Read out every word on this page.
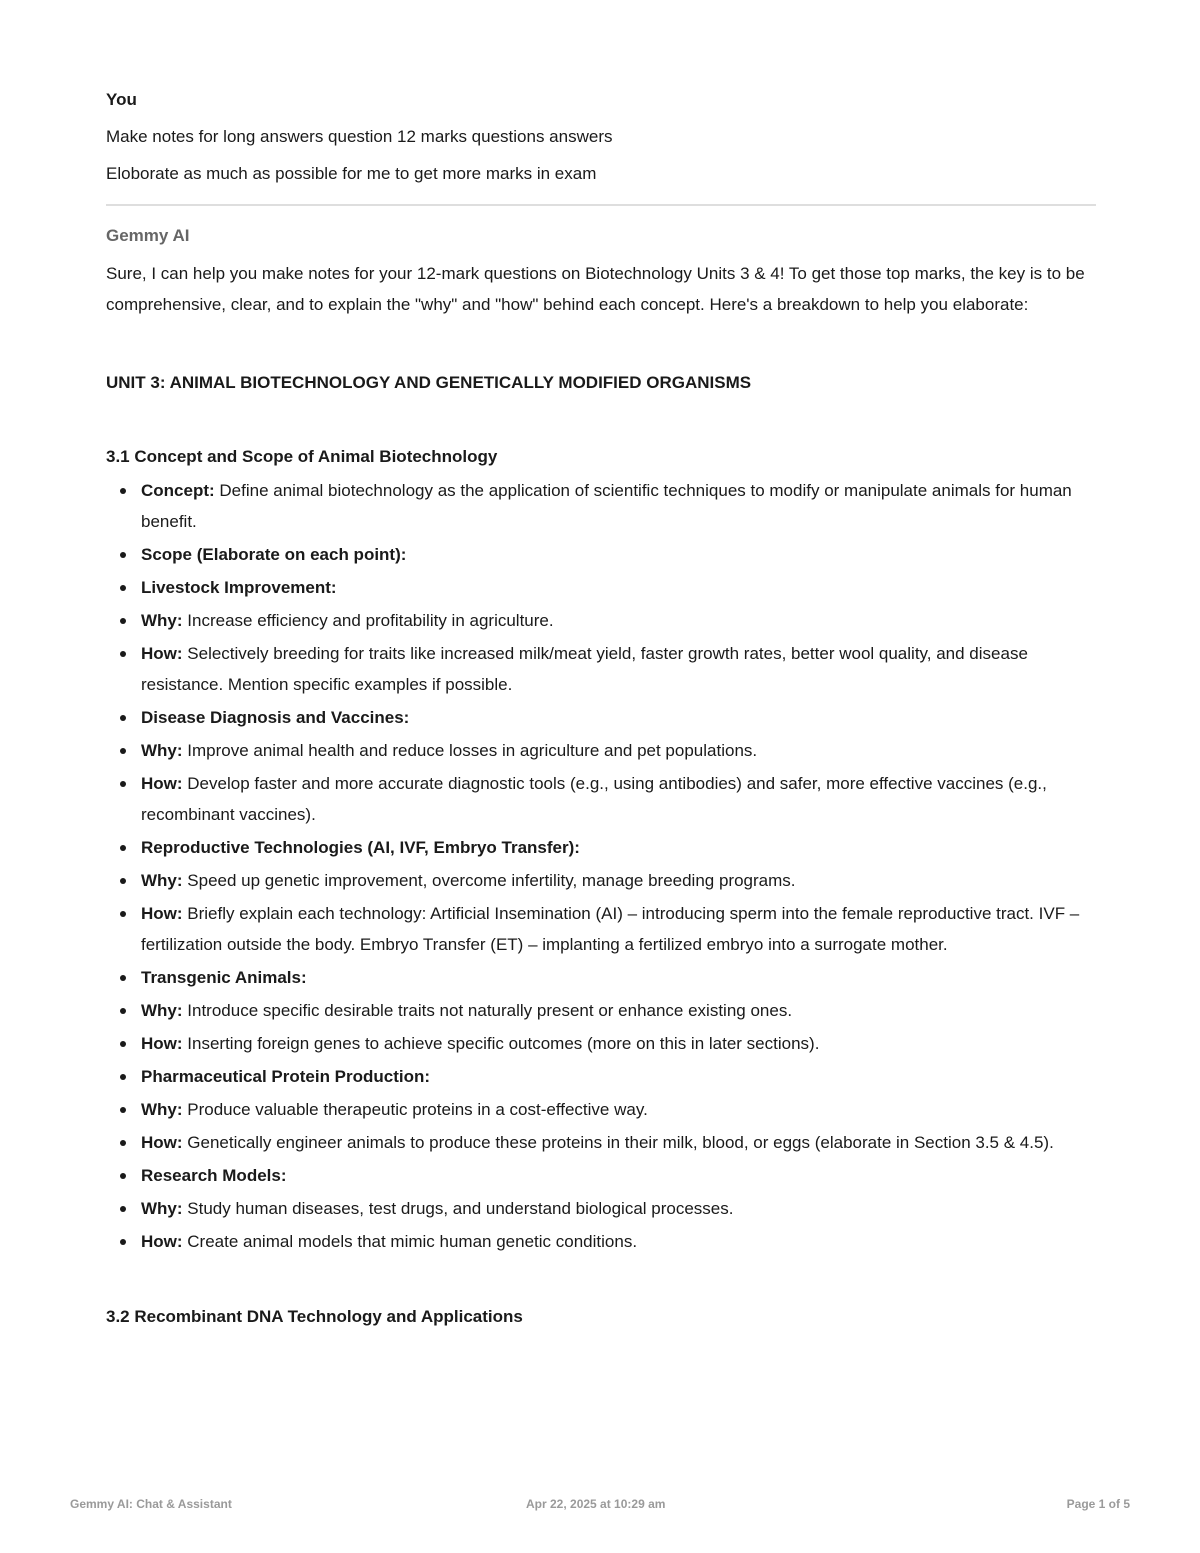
You
Make notes for long answers question 12 marks questions answers
Eloborate as much as possible for me to get more marks in exam
Gemmy AI

Sure, I can help you make notes for your 12-mark questions on Biotechnology Units 3 & 4! To get those top marks, the key is to be comprehensive, clear, and to explain the "why" and "how" behind each concept. Here's a breakdown to help you elaborate:

UNIT 3: ANIMAL BIOTECHNOLOGY AND GENETICALLY MODIFIED ORGANISMS
3.1 Concept and Scope of Animal Biotechnology
Concept: Define animal biotechnology as the application of scientific techniques to modify or manipulate animals for human benefit.
Scope (Elaborate on each point):
Livestock Improvement:
Why: Increase efficiency and profitability in agriculture.
How: Selectively breeding for traits like increased milk/meat yield, faster growth rates, better wool quality, and disease resistance. Mention specific examples if possible.
Disease Diagnosis and Vaccines:
Why: Improve animal health and reduce losses in agriculture and pet populations.
How: Develop faster and more accurate diagnostic tools (e.g., using antibodies) and safer, more effective vaccines (e.g., recombinant vaccines).
Reproductive Technologies (AI, IVF, Embryo Transfer):
Why: Speed up genetic improvement, overcome infertility, manage breeding programs.
How: Briefly explain each technology: Artificial Insemination (AI) – introducing sperm into the female reproductive tract. IVF – fertilization outside the body. Embryo Transfer (ET) – implanting a fertilized embryo into a surrogate mother.
Transgenic Animals:
Why: Introduce specific desirable traits not naturally present or enhance existing ones.
How: Inserting foreign genes to achieve specific outcomes (more on this in later sections).
Pharmaceutical Protein Production:
Why: Produce valuable therapeutic proteins in a cost-effective way.
How: Genetically engineer animals to produce these proteins in their milk, blood, or eggs (elaborate in Section 3.5 & 4.5).
Research Models:
Why: Study human diseases, test drugs, and understand biological processes.
How: Create animal models that mimic human genetic conditions.
3.2 Recombinant DNA Technology and Applications
Gemmy AI: Chat & Assistant	Apr 22, 2025 at 10:29 am	Page 1 of 5
